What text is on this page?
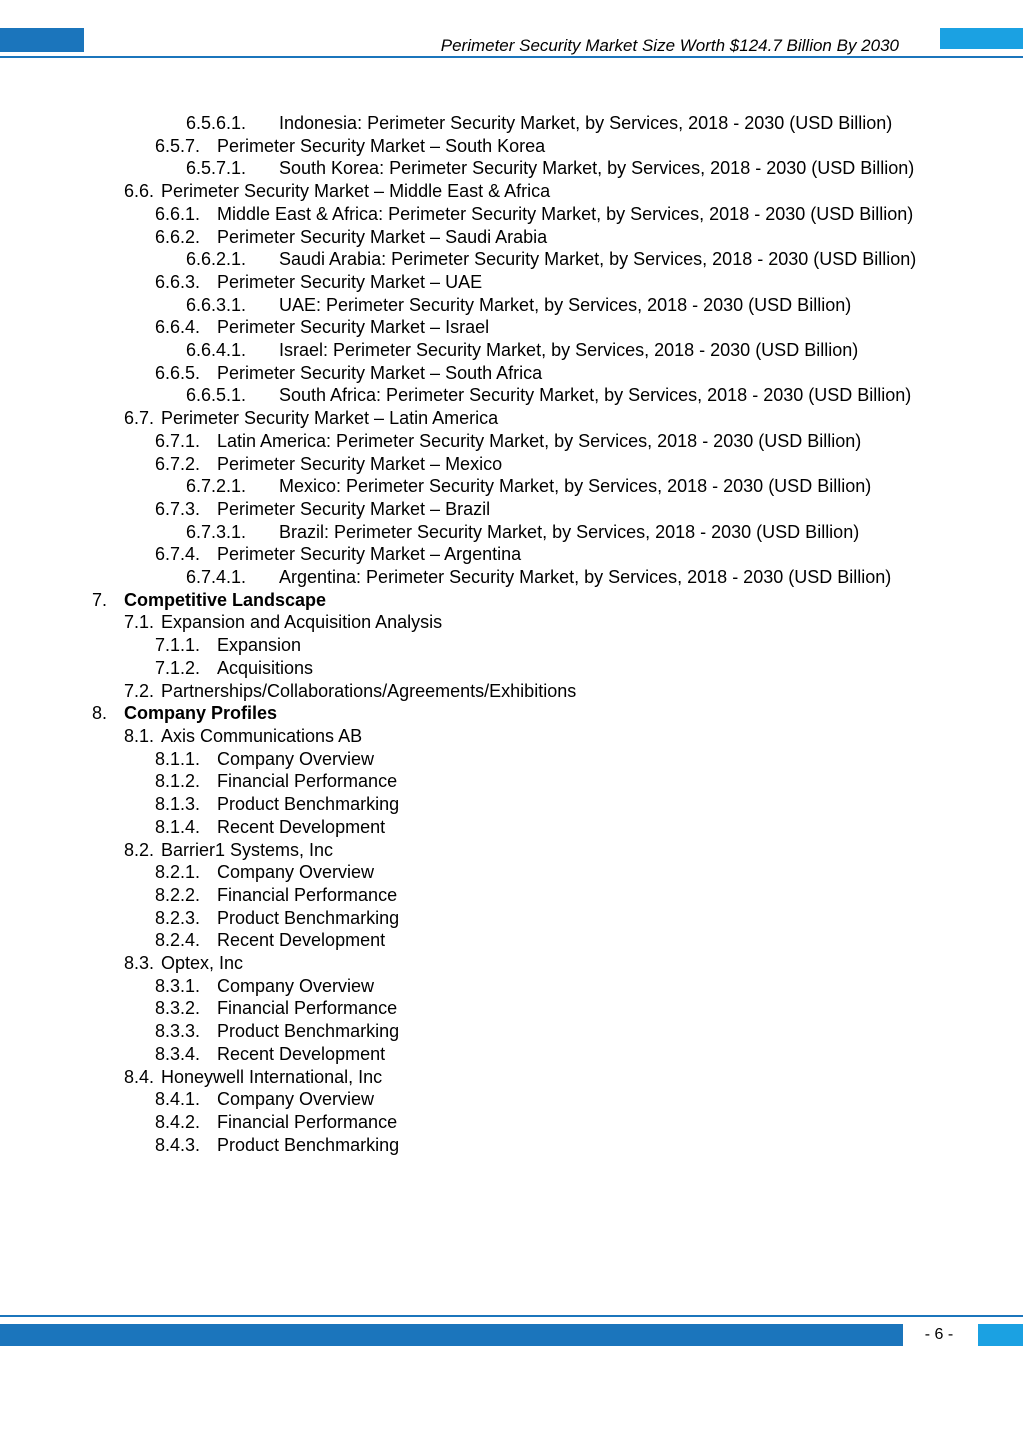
Perimeter Security Market Size Worth $124.7 Billion By 2030
6.5.6.1.	Indonesia: Perimeter Security Market, by Services, 2018 - 2030 (USD Billion)
6.5.7. Perimeter Security Market – South Korea
6.5.7.1.	South Korea: Perimeter Security Market, by Services, 2018 - 2030 (USD Billion)
6.6. Perimeter Security Market – Middle East & Africa
6.6.1. Middle East & Africa: Perimeter Security Market, by Services, 2018 - 2030 (USD Billion)
6.6.2. Perimeter Security Market – Saudi Arabia
6.6.2.1.	Saudi Arabia: Perimeter Security Market, by Services, 2018 - 2030 (USD Billion)
6.6.3. Perimeter Security Market – UAE
6.6.3.1.	UAE: Perimeter Security Market, by Services, 2018 - 2030 (USD Billion)
6.6.4. Perimeter Security Market – Israel
6.6.4.1.	Israel: Perimeter Security Market, by Services, 2018 - 2030 (USD Billion)
6.6.5. Perimeter Security Market – South Africa
6.6.5.1.	South Africa: Perimeter Security Market, by Services, 2018 - 2030 (USD Billion)
6.7. Perimeter Security Market – Latin America
6.7.1. Latin America: Perimeter Security Market, by Services, 2018 - 2030 (USD Billion)
6.7.2. Perimeter Security Market – Mexico
6.7.2.1.	Mexico: Perimeter Security Market, by Services, 2018 - 2030 (USD Billion)
6.7.3. Perimeter Security Market – Brazil
6.7.3.1.	Brazil: Perimeter Security Market, by Services, 2018 - 2030 (USD Billion)
6.7.4. Perimeter Security Market – Argentina
6.7.4.1.	Argentina: Perimeter Security Market, by Services, 2018 - 2030 (USD Billion)
7. Competitive Landscape
7.1. Expansion and Acquisition Analysis
7.1.1. Expansion
7.1.2. Acquisitions
7.2. Partnerships/Collaborations/Agreements/Exhibitions
8. Company Profiles
8.1. Axis Communications AB
8.1.1. Company Overview
8.1.2. Financial Performance
8.1.3. Product Benchmarking
8.1.4. Recent Development
8.2. Barrier1 Systems, Inc
8.2.1. Company Overview
8.2.2. Financial Performance
8.2.3. Product Benchmarking
8.2.4. Recent Development
8.3. Optex, Inc
8.3.1. Company Overview
8.3.2. Financial Performance
8.3.3. Product Benchmarking
8.3.4. Recent Development
8.4. Honeywell International, Inc
8.4.1. Company Overview
8.4.2. Financial Performance
8.4.3. Product Benchmarking
- 6 -
